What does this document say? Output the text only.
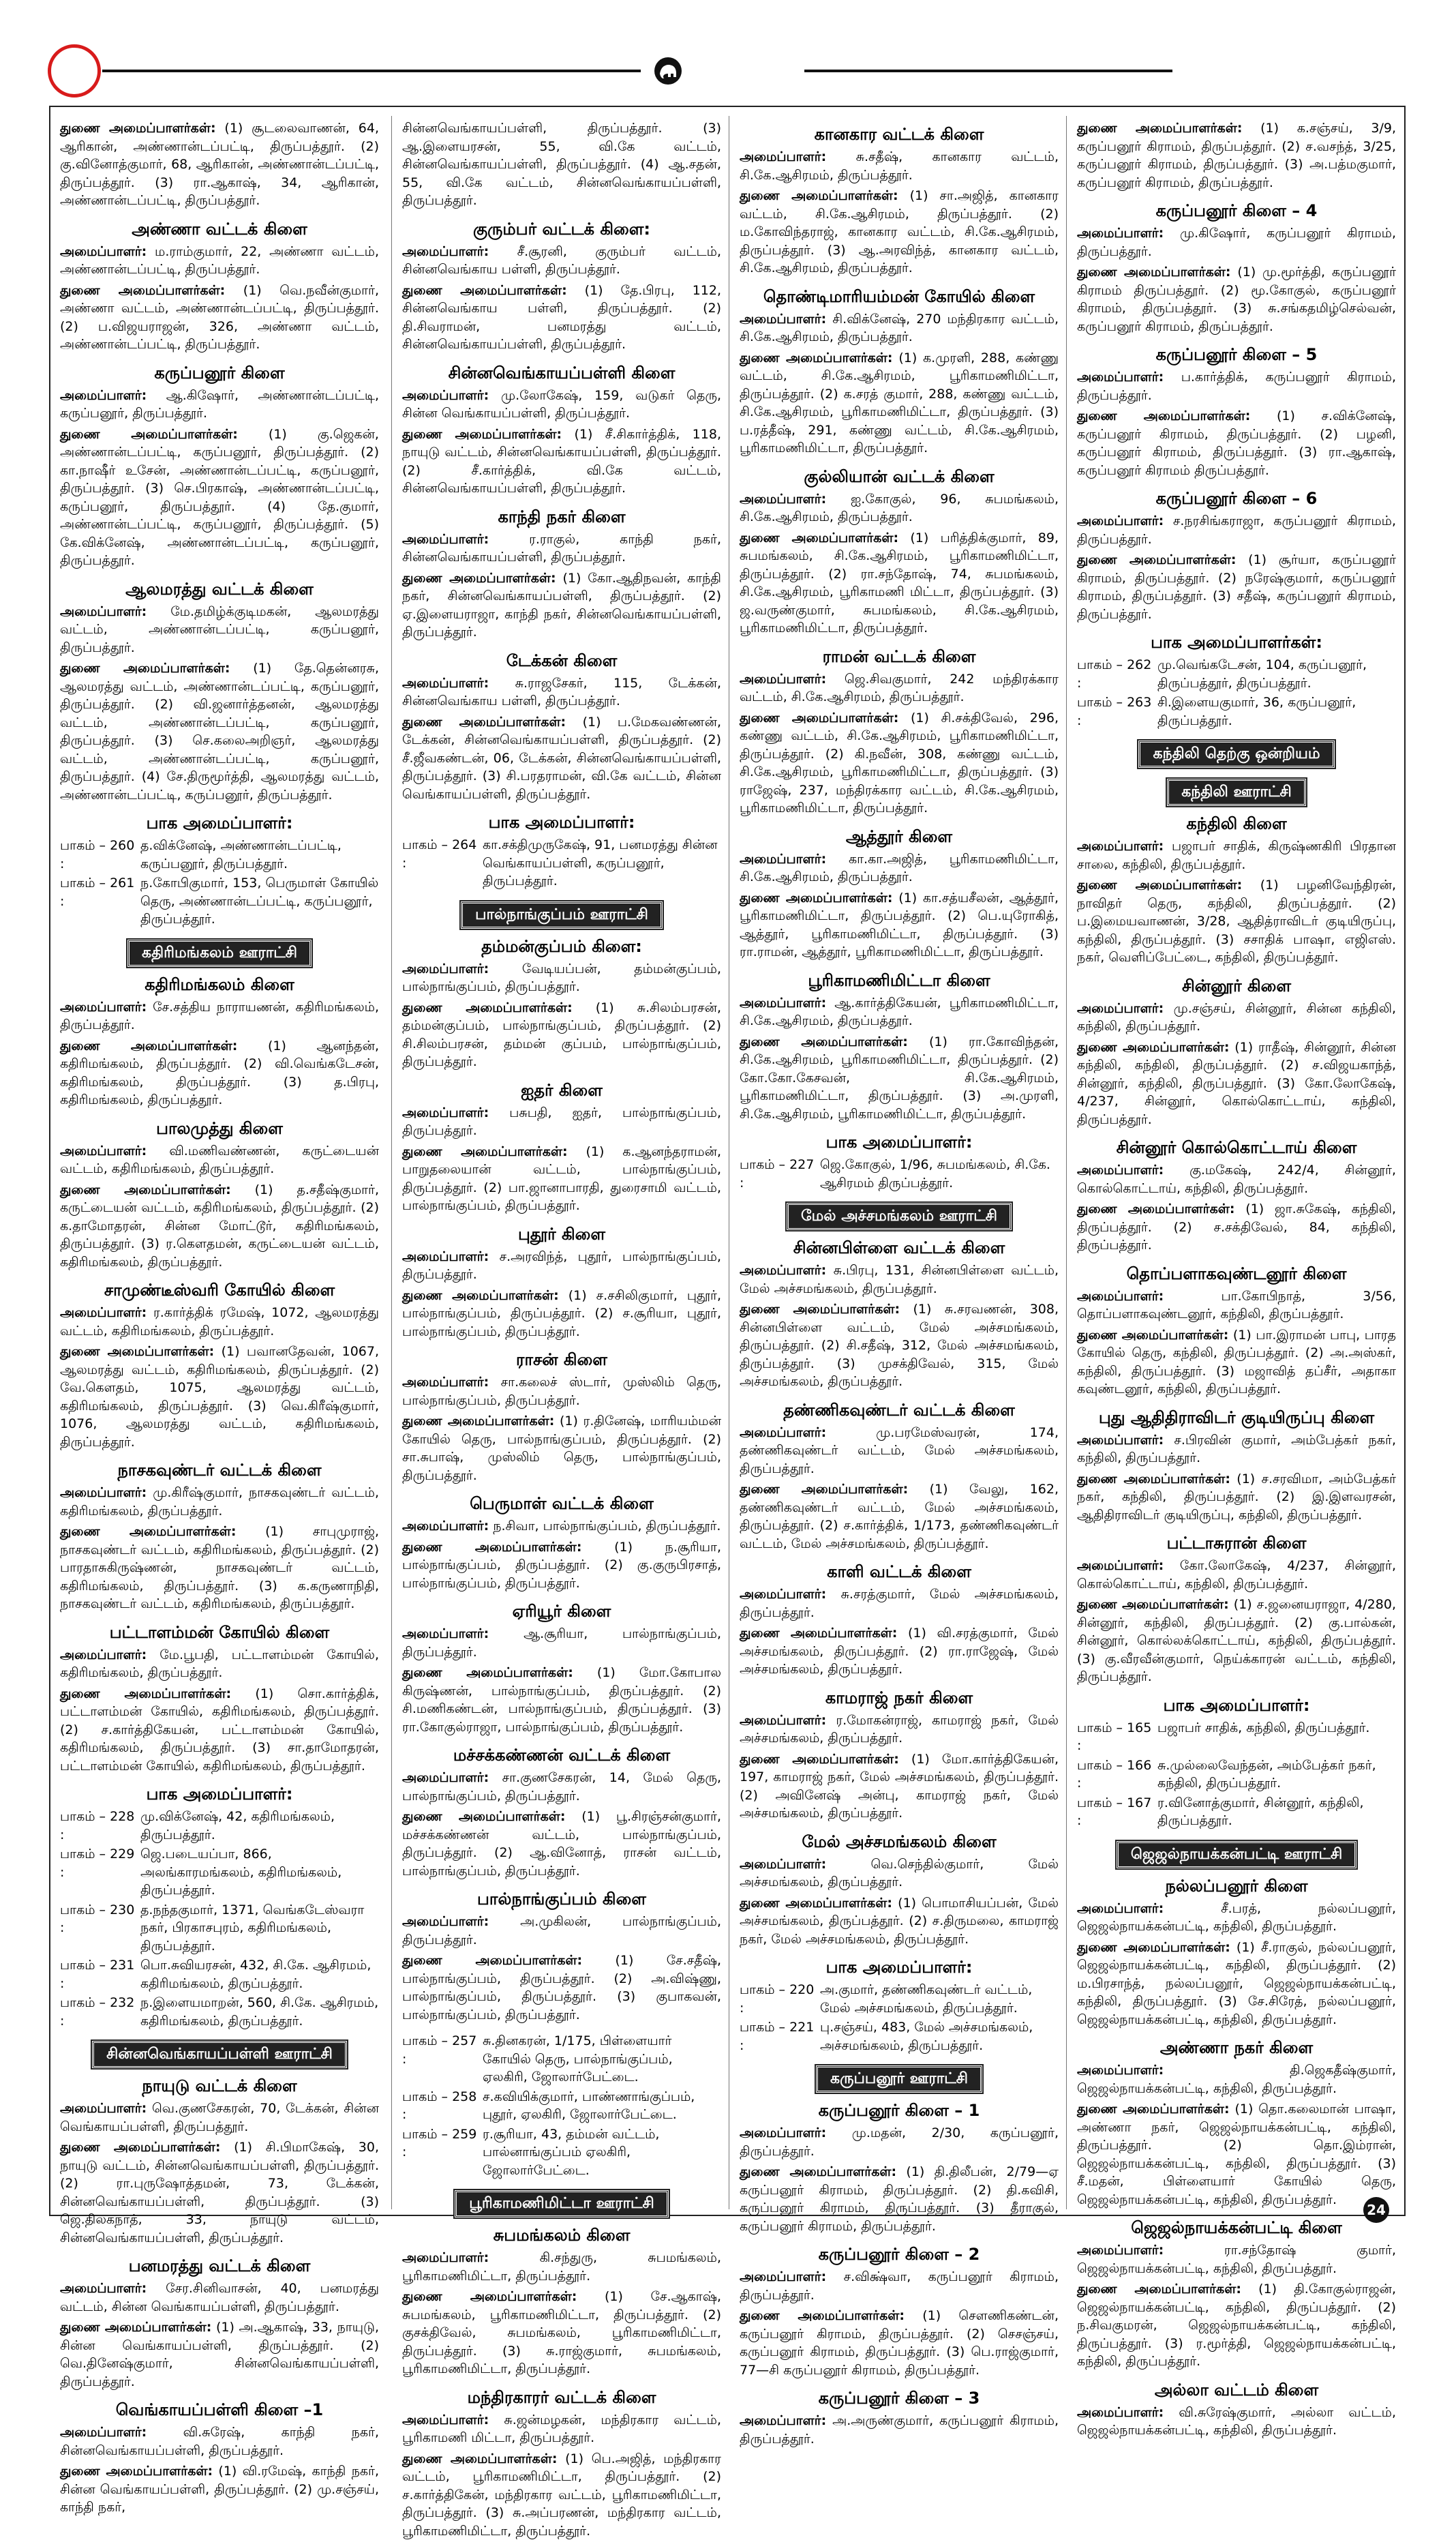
துணை அமைப்பாளர்கள்: (1) சூடலைவாணன், 64, ஆரிகான், அண்ணான்டப்பட்டி, திருப்பத்தூர். (2) கு.வினோத்குமார், 68, ஆரிகான், அண்ணான்டப்பட்டி, திருப்பத்தூர். (3) ரா.ஆகாஷ், 34, ஆரிகான், அண்ணான்டப்பட்டி, திருப்பத்தூர்.

அண்ணா வட்டக் கிளை

அமைப்பாளர்: ம.ராம்குமார், 22, அண்ணா வட்டம், அண்ணான்டப்பட்டி, திருப்பத்தூர்.

துணை அமைப்பாளர்கள்: (1) வெ.நவீன்குமார், அண்ணா வட்டம், அண்ணான்டப்பட்டி, திருப்பத்தூர். (2) ப.விஜயராஜன், 326, அண்ணா வட்டம், அண்ணான்டப்பட்டி, திருப்பத்தூர்.

கருப்பனூர் கிளை

அமைப்பாளர்: ஆ.கிஷோர், அண்ணான்டப்பட்டி, கருப்பனூர், திருப்பத்தூர்.

துணை அமைப்பாளர்கள்: (1) கு.ஜெகன், அண்ணான்டப்பட்டி, கருப்பனூர், திருப்பத்தூர். (2) கா.நாஷீர் உசேன், அண்ணான்டப்பட்டி, கருப்பனூர், திருப்பத்தூர். (3) செ.பிரகாஷ், அண்ணான்டப்பட்டி, கருப்பனூர், திருப்பத்தூர். (4) தே.குமார், அண்ணான்டப்பட்டி, கருப்பனூர், திருப்பத்தூர். (5) கே.விக்னேஷ், அண்ணான்டப்பட்டி, கருப்பனூர், திருப்பத்தூர்.

ஆலமரத்து வட்டக் கிளை

அமைப்பாளர்: மே.தமிழ்க்குடிமகன், ஆலமரத்து வட்டம், அண்ணான்டப்பட்டி, கருப்பனூர், திருப்பத்தூர்.

துணை அமைப்பாளர்கள்: (1) தே.தென்னரசு, ஆலமரத்து வட்டம், அண்ணான்டப்பட்டி, கருப்பனூர், திருப்பத்தூர். (2) வி.ஜனார்த்தனன், ஆலமரத்து வட்டம், அண்ணான்டப்பட்டி, கருப்பனூர், திருப்பத்தூர். (3) செ.கலைஅறிஞர், ஆலமரத்து வட்டம், அண்ணான்டப்பட்டி, கருப்பனூர், திருப்பத்தூர். (4) சே.திருமூர்த்தி, ஆலமரத்து வட்டம், அண்ணான்டப்பட்டி, கருப்பனூர், திருப்பத்தூர்.

பாக அமைப்பாளர்:
பாகம் – 260 :
த.விக்னேஷ், அண்ணான்டப்பட்டி, கருப்பனூர், திருப்பத்தூர்.
பாகம் – 261 :
ந.கோபிகுமார், 153, பெருமாள் கோயில் தெரு, அண்ணான்டப்பட்டி, கருப்பனூர், திருப்பத்தூர்.
கதிரிமங்கலம் ஊராட்சி
கதிரிமங்கலம் கிளை

அமைப்பாளர்: சே.சத்திய நாராயணன், கதிரிமங்கலம், திருப்பத்தூர்.

துணை அமைப்பாளர்கள்: (1) ஆனந்தன், கதிரிமங்கலம், திருப்பத்தூர். (2) வி.வெங்கடேசன், கதிரிமங்கலம், திருப்பத்தூர். (3) த.பிரபு, கதிரிமங்கலம், திருப்பத்தூர்.

பாலமுத்து கிளை

அமைப்பாளர்: வி.மணிவண்ணன், கருட்டையன் வட்டம், கதிரிமங்கலம், திருப்பத்தூர்.

துணை அமைப்பாளர்கள்: (1) த.சதீஷ்குமார், கருட்டையன் வட்டம், கதிரிமங்கலம், திருப்பத்தூர். (2) க.தாமோதரன், சின்ன மோட்டூர், கதிரிமங்கலம், திருப்பத்தூர். (3) ர.கௌதமன், கருட்டையன் வட்டம், கதிரிமங்கலம், திருப்பத்தூர்.

சாமுண்டீஸ்வரி கோயில் கிளை

அமைப்பாளர்: ர.கார்த்திக் ரமேஷ், 1072, ஆலமரத்து வட்டம், கதிரிமங்கலம், திருப்பத்தூர்.

துணை அமைப்பாளர்கள்: (1) பவானதேவன், 1067, ஆலமரத்து வட்டம், கதிரிமங்கலம், திருப்பத்தூர். (2) வே.கௌதம், 1075, ஆலமரத்து வட்டம், கதிரிமங்கலம், திருப்பத்தூர். (3) வெ.கிரீஷ்குமார், 1076, ஆலமரத்து வட்டம், கதிரிமங்கலம், திருப்பத்தூர்.

நாசகவுண்டர் வட்டக் கிளை

அமைப்பாளர்: மு.கிரீஷ்குமார், நாசகவுண்டர் வட்டம், கதிரிமங்கலம், திருப்பத்தூர்.

துணை அமைப்பாளர்கள்: (1) சாபுமுராஜ், நாசகவுண்டர் வட்டம், கதிரிமங்கலம், திருப்பத்தூர். (2) பாரதாசுகிருஷ்ணன், நாசகவுண்டர் வட்டம், கதிரிமங்கலம், திருப்பத்தூர். (3) க.கருணாநிதி, நாசகவுண்டர் வட்டம், கதிரிமங்கலம், திருப்பத்தூர்.

பட்டாளம்மன் கோயில் கிளை

அமைப்பாளர்: மே.பூபதி, பட்டாளம்மன் கோயில், கதிரிமங்கலம், திருப்பத்தூர்.

துணை அமைப்பாளர்கள்: (1) சொ.கார்த்திக், பட்டாளம்மன் கோயில், கதிரிமங்கலம், திருப்பத்தூர். (2) ச.கார்த்திகேயன், பட்டாளம்மன் கோயில், கதிரிமங்கலம், திருப்பத்தூர். (3) சா.தாமோதரன், பட்டாளம்மன் கோயில், கதிரிமங்கலம், திருப்பத்தூர்.

பாக அமைப்பாளர்:
பாகம் – 228 :
மு.விக்னேஷ், 42, கதிரிமங்கலம், திருப்பத்தூர்.
பாகம் – 229 :
ஜெ.படையப்பா, 866, அலங்காரமங்கலம், கதிரிமங்கலம், திருப்பத்தூர்.
பாகம் – 230 :
த.நந்தகுமார், 1371, வெங்கடேஸ்வரா நகர், பிரகாசபுரம், கதிரிமங்கலம், திருப்பத்தூர்.
பாகம் – 231 :
பொ.சுவியரசன், 432, சி.கே. ஆசிரமம், கதிரிமங்கலம், திருப்பத்தூர்.
பாகம் – 232 :
ந.இளையமாறன், 560, சி.கே. ஆசிரமம், கதிரிமங்கலம், திருப்பத்தூர்.
சின்னவெங்காயப்பள்ளி ஊராட்சி
நாயுடு வட்டக் கிளை

அமைப்பாளர்: வெ.குணசேகரன், 70, டேக்கன், சின்ன வெங்காயப்பள்ளி, திருப்பத்தூர்.

துணை அமைப்பாளர்கள்: (1) சி.பிமாகேஷ், 30, நாயுடு வட்டம், சின்னவெங்காயப்பள்ளி, திருப்பத்தூர். (2) ரா.புருஷோத்தமன், 73, டேக்கன், சின்னவெங்காயப்பள்ளி, திருப்பத்தூர். (3) ஜெ.திலகநாத், 33, நாயுடு வட்டம், சின்னவெங்காயப்பள்ளி, திருப்பத்தூர்.

பனமரத்து வட்டக் கிளை

அமைப்பாளர்: சேர.சினிவாசன், 40, பனமரத்து வட்டம், சின்ன வெங்காயப்பள்ளி, திருப்பத்தூர்.

துணை அமைப்பாளர்கள்: (1) அ.ஆகாஷ், 33, நாயுடு, சின்ன வெங்காயப்பள்ளி, திருப்பத்தூர். (2) வெ.தினேஷ்குமார், சின்னவெங்காயப்பள்ளி, திருப்பத்தூர்.

வெங்காயப்பள்ளி கிளை –1

அமைப்பாளர்:	வி.சுரேஷ், காந்தி நகர், சின்னவெங்காயப்பள்ளி, திருப்பத்தூர்.

துணை அமைப்பாளர்கள்: (1) வி.ரமேஷ், காந்தி நகர், சின்ன வெங்காயப்பள்ளி, திருப்பத்தூர். (2) மு.சஞ்சய், காந்தி நகர்,

சின்னவெங்காயப்பள்ளி, திருப்பத்தூர். (3) ஆ.இளையரசன், 55, வி.கே வட்டம், சின்னவெங்காயப்பள்ளி, திருப்பத்தூர். (4) ஆ.சதன், 55, வி.கே வட்டம், சின்னவெங்காயப்பள்ளி, திருப்பத்தூர்.

குரும்பர் வட்டக் கிளை:

அமைப்பாளர்: சீ.சூரனி, குரும்பர் வட்டம், சின்னவெங்காய பள்ளி, திருப்பத்தூர்.

துணை அமைப்பாளர்கள்: (1) தே.பிரபு, 112, சின்னவெங்காய பள்ளி, திருப்பத்தூர். (2) தி.சிவராமன், பனமரத்து வட்டம், சின்னவெங்காயப்பள்ளி, திருப்பத்தூர்.

சின்னவெங்காயப்பள்ளி கிளை

அமைப்பாளர்: மு.லோகேஷ், 159, வடுகர் தெரு, சின்ன வெங்காயப்பள்ளி, திருப்பத்தூர்.

துணை அமைப்பாளர்கள்: (1) சீ.சிகார்த்திக், 118, நாயுடு வட்டம், சின்னவெங்காயப்பள்ளி, திருப்பத்தூர். (2) சீ.கார்த்திக், வி.கே வட்டம், சின்னவெங்காயப்பள்ளி, திருப்பத்தூர்.

காந்தி நகர் கிளை

அமைப்பாளர்:	ர.ராகுல், காந்தி நகர், சின்னவெங்காயப்பள்ளி, திருப்பத்தூர்.

துணை அமைப்பாளர்கள்: (1) கோ.ஆதிநவன், காந்தி நகர், சின்னவெங்காயப்பள்ளி, திருப்பத்தூர். (2) ஏ.இளையராஜா, காந்தி நகர், சின்னவெங்காயப்பள்ளி, திருப்பத்தூர்.

டேக்கன் கிளை

அமைப்பாளர்: சு.ராஜசேகர், 115, டேக்கன், சின்னவெங்காய பள்ளி, திருப்பத்தூர்.

துணை அமைப்பாளர்கள்: (1) ப.மேகவண்ணன், டேக்கன், சின்னவெங்காயப்பள்ளி, திருப்பத்தூர். (2) சீ.ஜீவகண்டன், 06, டேக்கன், சின்னவெங்காயப்பள்ளி, திருப்பத்தூர். (3) சி.பரதராமன், வி.கே வட்டம், சின்ன வெங்காயப்பள்ளி, திருப்பத்தூர்.

பாக அமைப்பாளர்:
பாகம் – 264 :
கா.சக்திமுருகேஷ், 91, பனமரத்து சின்ன வெங்காயப்பள்ளி, கருப்பனூர், திருப்பத்தூர்.
பால்நாங்குப்பம் ஊராட்சி
தம்மன்குப்பம் கிளை:

அமைப்பாளர்:	வேடியப்பன், தம்மன்குப்பம், பால்நாங்குப்பம், திருப்பத்தூர்.

துணை அமைப்பாளர்கள்: (1) சு.சிலம்பரசன், தம்மன்குப்பம், பால்நாங்குப்பம், திருப்பத்தூர். (2) சி.சிலம்பரசன், தம்மன் குப்பம், பால்நாங்குப்பம், திருப்பத்தூர்.

ஐதர் கிளை

அமைப்பாளர்: பசுபதி, ஐதர், பால்நாங்குப்பம், திருப்பத்தூர்.

துணை அமைப்பாளர்கள்: (1) க.ஆனந்தராமன், பாறுதலையான் வட்டம், பால்நாங்குப்பம், திருப்பத்தூர். (2) பா.ஜானாபாரதி, துரைசாமி வட்டம், பால்நாங்குப்பம், திருப்பத்தூர்.

புதூர் கிளை

அமைப்பாளர்: ச.அரவிந்த், புதூர், பால்நாங்குப்பம், திருப்பத்தூர்.

துணை அமைப்பாளர்கள்: (1) ச.சசிலிகுமார், புதூர், பால்நாங்குப்பம், திருப்பத்தூர். (2) ச.சூரியா, புதூர், பால்நாங்குப்பம், திருப்பத்தூர்.

ராசன் கிளை

அமைப்பாளர்: சா.கலைச் ஸ்டார், முஸ்லிம் தெரு, பால்நாங்குப்பம், திருப்பத்தூர்.

துணை அமைப்பாளர்கள்: (1) ர.தினேஷ், மாரியம்மன் கோயில் தெரு, பால்நாங்குப்பம், திருப்பத்தூர். (2) சா.சுபாஷ், முஸ்லிம் தெரு, பால்நாங்குப்பம், திருப்பத்தூர்.

பெருமாள் வட்டக் கிளை

அமைப்பாளர்: ந.சிவா, பால்நாங்குப்பம், திருப்பத்தூர்.

துணை அமைப்பாளர்கள்:	(1) ந.சூரியா, பால்நாங்குப்பம், திருப்பத்தூர். (2) கு.குருபிரசாத், பால்நாங்குப்பம், திருப்பத்தூர்.

ஏரியூர் கிளை

அமைப்பாளர்:	ஆ.சூரியா, பால்நாங்குப்பம், திருப்பத்தூர்.

துணை அமைப்பாளர்கள்: (1) மோ.கோபால கிருஷ்ணன், பால்நாங்குப்பம், திருப்பத்தூர். (2) சி.மணிகண்டன், பால்நாங்குப்பம், திருப்பத்தூர். (3) ரா.கோகுல்ராஜா, பால்நாங்குப்பம், திருப்பத்தூர்.

மச்சக்கண்ணன் வட்டக் கிளை

அமைப்பாளர்: சா.குணசேகரன், 14, மேல் தெரு, பால்நாங்குப்பம், திருப்பத்தூர்.

துணை அமைப்பாளர்கள்: (1) பூ.சிரஞ்சன்குமார், மச்சக்கண்ணன் வட்டம், பால்நாங்குப்பம், திருப்பத்தூர். (2) ஆ.வினோத், ராசன் வட்டம், பால்நாங்குப்பம், திருப்பத்தூர்.

பால்நாங்குப்பம் கிளை

அமைப்பாளர்: அ.முகிலன், பால்நாங்குப்பம், திருப்பத்தூர்.

துணை அமைப்பாளர்கள்:	(1) சே.சதீஷ், பால்நாங்குப்பம், திருப்பத்தூர். (2) அ.விஷ்ணு, பால்நாங்குப்பம், திருப்பத்தூர். (3) குபாகவன், பால்நாங்குப்பம், திருப்பத்தூர்.

பாகம் – 257 :
சு.தினகரன், 1/175, பிள்ளையார் கோயில் தெரு, பால்நாங்குப்பம், ஏலகிரி, ஜோலார்பேட்டை.
பாகம் – 258 :
ச.கவியிக்குமார், பாண்ணாங்குப்பம், புதூர், ஏலகிரி, ஜோலார்பேட்டை.
பாகம் – 259 :
ர.சூரியா, 43, தம்மன் வட்டம், பால்னாங்குப்பம் ஏலகிரி, ஜோலார்பேட்டை.
பூரிகாமணிமிட்டா ஊராட்சி
சுபமங்கலம் கிளை

அமைப்பாளர்:	கி.சந்துரு, சுபமங்கலம், பூரிகாமணிமிட்டா, திருப்பத்தூர்.

துணை அமைப்பாளர்கள்: (1) சே.ஆகாஷ், சுபமங்கலம், பூரிகாமணிமிட்டா, திருப்பத்தூர். (2) குசக்திவேல், சுபமங்கலம், பூரிகாமணிமிட்டா, திருப்பத்தூர். (3) சு.ராஜ்குமார், சுபமங்கலம், பூரிகாமணிமிட்டா, திருப்பத்தூர்.

மந்திரகாரர் வட்டக் கிளை

அமைப்பாளர்: சு.ஜன்மழகன், மந்திரகார வட்டம், பூரிகாமணி மிட்டா, திருப்பத்தூர்.

துணை அமைப்பாளர்கள்: (1) பெ.அஜித், மந்திரகார வட்டம், பூரிகாமணிமிட்டா, திருப்பத்தூர். (2) ச.கார்த்திகேன், மந்திரகார வட்டம், பூரிகாமணிமிட்டா, திருப்பத்தூர். (3) சு.அப்பரணன், மந்திரகார வட்டம், பூரிகாமணிமிட்டா, திருப்பத்தூர்.

கானகார வட்டக் கிளை

அமைப்பாளர்: சு.சதீஷ், கானகார வட்டம், சி.கே.ஆசிரமம், திருப்பத்தூர்.

துணை அமைப்பாளர்கள்: (1) சா.அஜித், கானகார வட்டம், சி.கே.ஆசிரமம், திருப்பத்தூர். (2) ம.கோவிந்தராஜ், கானகார வட்டம், சி.கே.ஆசிரமம், திருப்பத்தூர். (3) ஆ.அரவிந்த், கானகார வட்டம், சி.கே.ஆசிரமம், திருப்பத்தூர்.

தொண்டிமாரியம்மன் கோயில் கிளை

அமைப்பாளர்: சி.விக்னேஷ், 270 மந்திரகார வட்டம், சி.கே.ஆசிரமம், திருப்பத்தூர்.

துணை அமைப்பாளர்கள்: (1) க.முரளி, 288, கண்ணு வட்டம், சி.கே.ஆசிரமம், பூரிகாமணிமிட்டா, திருப்பத்தூர். (2) க.சரத் குமார், 288, கண்ணு வட்டம், சி.கே.ஆசிரமம், பூரிகாமணிமிட்டா, திருப்பத்தூர். (3) ப.ரத்தீஷ், 291, கண்ணு வட்டம், சி.கே.ஆசிரமம், பூரிகாமணிமிட்டா, திருப்பத்தூர்.

குல்லியான் வட்டக் கிளை

அமைப்பாளர்: ஐ.கோகுல், 96, சுபமங்கலம், சி.கே.ஆசிரமம், திருப்பத்தூர்.

துணை அமைப்பாளர்கள்: (1) பரித்திக்குமார், 89, சுபமங்கலம், சி.கே.ஆசிரமம், பூரிகாமணிமிட்டா, திருப்பத்தூர். (2) ரா.சந்தோஷ், 74, சுபமங்கலம், சி.கே.ஆசிரமம், பூரிகாமணி மிட்டா, திருப்பத்தூர். (3) ஜ.வருண்குமார், சுபமங்கலம், சி.கே.ஆசிரமம், பூரிகாமணிமிட்டா, திருப்பத்தூர்.

ராமன் வட்டக் கிளை

அமைப்பாளர்: ஜெ.சிவகுமார், 242 மந்திரக்கார வட்டம், சி.கே.ஆசிரமம், திருப்பத்தூர்.

துணை அமைப்பாளர்கள்: (1) சி.சக்திவேல், 296, கண்ணு வட்டம், சி.கே.ஆசிரமம், பூரிகாமணிமிட்டா, திருப்பத்தூர். (2) கி.நவீன், 308, கண்ணு வட்டம், சி.கே.ஆசிரமம், பூரிகாமணிமிட்டா, திருப்பத்தூர். (3) ராஜேஷ், 237, மந்திரக்கார வட்டம், சி.கே.ஆசிரமம், பூரிகாமணிமிட்டா, திருப்பத்தூர்.

ஆத்தூர் கிளை

அமைப்பாளர்: கா.கா.அஜித், பூரிகாமணிமிட்டா, சி.கே.ஆசிரமம், திருப்பத்தூர்.

துணை அமைப்பாளர்கள்: (1) கா.சத்யசீலன், ஆத்தூர், பூரிகாமணிமிட்டா, திருப்பத்தூர். (2) பெ.யுரோகித், ஆத்தூர், பூரிகாமணிமிட்டா, திருப்பத்தூர். (3) ரா.ராமன், ஆத்தூர், பூரிகாமணிமிட்டா, திருப்பத்தூர்.

பூரிகாமணிமிட்டா கிளை

அமைப்பாளர்: ஆ.கார்த்திகேயன், பூரிகாமணிமிட்டா, சி.கே.ஆசிரமம், திருப்பத்தூர்.

துணை அமைப்பாளர்கள்: (1) ரா.கோவிந்தன், சி.கே.ஆசிரமம், பூரிகாமணிமிட்டா, திருப்பத்தூர். (2) கோ.கோ.கேசவன், சி.கே.ஆசிரமம், பூரிகாமணிமிட்டா, திருப்பத்தூர். (3) அ.முரளி, சி.கே.ஆசிரமம், பூரிகாமணிமிட்டா, திருப்பத்தூர்.

பாக அமைப்பாளர்:
பாகம் – 227 :
ஜெ.கோகுல், 1/96, சுபமங்கலம், சி.கே. ஆசிரமம் திருப்பத்தூர்.
மேல் அச்சமங்கலம் ஊராட்சி
சின்னபிள்ளை வட்டக் கிளை

அமைப்பாளர்: சு.பிரபு, 131, சின்னபிள்ளை வட்டம், மேல் அச்சமங்கலம், திருப்பத்தூர்.

துணை அமைப்பாளர்கள்: (1) சு.சரவணன், 308, சின்னபிள்ளை வட்டம், மேல் அச்சமங்கலம், திருப்பத்தூர். (2) சி.சதீஷ், 312, மேல் அச்சமங்கலம், திருப்பத்தூர். (3) முசக்திவேல், 315, மேல் அச்சமங்கலம், திருப்பத்தூர்.

தண்ணிகவுண்டர் வட்டக் கிளை

அமைப்பாளர்:	மு.பரமேஸ்வரன், 174, தண்ணிகவுண்டர் வட்டம், மேல் அச்சமங்கலம், திருப்பத்தூர்.

துணை அமைப்பாளர்கள்: (1) வேலு, 162, தண்ணிகவுண்டர் வட்டம், மேல் அச்சமங்கலம், திருப்பத்தூர். (2) ச.கார்த்திக், 1/173, தண்ணிகவுண்டர் வட்டம், மேல் அச்சமங்கலம், திருப்பத்தூர்.

காளி வட்டக் கிளை

அமைப்பாளர்: சு.சரத்குமார், மேல் அச்சமங்கலம், திருப்பத்தூர்.

துணை அமைப்பாளர்கள்: (1) வி.சரத்குமார், மேல் அச்சமங்கலம், திருப்பத்தூர். (2) ரா.ராஜேஷ், மேல் அச்சமங்கலம், திருப்பத்தூர்.

காமராஜ் நகர் கிளை

அமைப்பாளர்: ர.மோகன்ராஜ், காமராஜ் நகர், மேல் அச்சமங்கலம், திருப்பத்தூர்.

துணை அமைப்பாளர்கள்: (1) மோ.கார்த்திகேயன், 197, காமராஜ் நகர், மேல் அச்சமங்கலம், திருப்பத்தூர். (2) அவினேஷ் அன்பு, காமராஜ் நகர், மேல் அச்சமங்கலம், திருப்பத்தூர்.

மேல் அச்சமங்கலம் கிளை

அமைப்பாளர்:	வெ.செந்தில்குமார், மேல் அச்சமங்கலம், திருப்பத்தூர்.

துணை அமைப்பாளர்கள்: (1) பொமாசியப்பன், மேல் அச்சமங்கலம், திருப்பத்தூர். (2) ச.திருமலை, காமராஜ் நகர், மேல் அச்சமங்கலம், திருப்பத்தூர்.

பாக அமைப்பாளர்:
பாகம் – 220 :
அ.குமார், தண்ணிகவுண்டர் வட்டம், மேல் அச்சமங்கலம், திருப்பத்தூர்.
பாகம் – 221 :
பு.சஞ்சய், 483, மேல் அச்சமங்கலம், அச்சமங்கலம், திருப்பத்தூர்.
கருப்பனூர் ஊராட்சி
கருப்பனூர் கிளை – 1

அமைப்பாளர்: மு.மதன், 2/30, கருப்பனூர், திருப்பத்தூர்.

துணை அமைப்பாளர்கள்: (1) தி.திலீபன், 2/79—ஏ கருப்பனூர் கிராமம், திருப்பத்தூர். (2) தி.கவிசி, கருப்பனூர் கிராமம், திருப்பத்தூர். (3) தீராகுல், கருப்பனூர் கிராமம், திருப்பத்தூர்.

கருப்பனூர் கிளை – 2

அமைப்பாளர்: ச.விக்ஷ்வா, கருப்பனூர் கிராமம், திருப்பத்தூர்.

துணை அமைப்பாளர்கள்: (1) செளணிகண்டன், கருப்பனூர் கிராமம், திருப்பத்தூர். (2) செசஞ்சய், கருப்பனூர் கிராமம், திருப்பத்தூர். (3) பெ.ராஜ்குமார், 77—சி கருப்பனூர் கிராமம், திருப்பத்தூர்.

கருப்பனூர் கிளை – 3

அமைப்பாளர்: அ.அருண்குமார், கருப்பனூர் கிராமம், திருப்பத்தூர்.

துணை அமைப்பாளர்கள்: (1) க.சஞ்சய், 3/9, கருப்பனூர் கிராமம், திருப்பத்தூர். (2) ச.வசந்த், 3/25, கருப்பனூர் கிராமம், திருப்பத்தூர். (3) அ.பத்மகுமார், கருப்பனூர் கிராமம், திருப்பத்தூர்.

கருப்பனூர் கிளை – 4

அமைப்பாளர்: மு.கிஷோர், கருப்பனூர் கிராமம், திருப்பத்தூர்.

துணை அமைப்பாளர்கள்: (1) மு.மூர்த்தி, கருப்பனூர் கிராமம் திருப்பத்தூர். (2) மூ.கோகுல், கருப்பனூர் கிராமம், திருப்பத்தூர். (3) சு.சங்கதமிழ்செல்வன், கருப்பனூர் கிராமம், திருப்பத்தூர்.

கருப்பனூர் கிளை – 5

அமைப்பாளர்: ப.கார்த்திக், கருப்பனூர் கிராமம், திருப்பத்தூர்.

துணை அமைப்பாளர்கள்: (1) ச.விக்னேஷ், கருப்பனூர் கிராமம், திருப்பத்தூர். (2) பழனி, கருப்பனூர் கிராமம், திருப்பத்தூர். (3) ரா.ஆகாஷ், கருப்பனூர் கிராமம் திருப்பத்தூர்.

கருப்பனூர் கிளை – 6

அமைப்பாளர்: ச.நரசிங்கராஜா, கருப்பனூர் கிராமம், திருப்பத்தூர்.

துணை அமைப்பாளர்கள்: (1) சூர்யா, கருப்பனூர் கிராமம், திருப்பத்தூர். (2) நரேஷ்குமார், கருப்பனூர் கிராமம், திருப்பத்தூர். (3) சதீஷ், கருப்பனூர் கிராமம், திருப்பத்தூர்.

பாக அமைப்பாளர்கள்:
பாகம் – 262 :
மு.வெங்கடேசன், 104, கருப்பனூர், திருப்பத்தூர், திருப்பத்தூர்.
பாகம் – 263 :
சி.இளையகுமார், 36, கருப்பனூர், திருப்பத்தூர்.
கந்திலி தெற்கு ஒன்றியம்
கந்திலி ஊராட்சி
கந்திலி கிளை

அமைப்பாளர்: பஜாபர் சாதிக், கிருஷ்ணகிரி பிரதான சாலை, கந்திலி, திருப்பத்தூர்.

துணை அமைப்பாளர்கள்: (1) பழனிவேந்திரன், நாவிதர் தெரு, கந்திலி, திருப்பத்தூர். (2) ப.இமையவாணன், 3/28, ஆதித்ராவிடர் குடியிருப்பு, கந்திலி, திருப்பத்தூர். (3) சசாதிக் பாஷா, எஜிஎஸ். நகர், வெளிப்பேட்டை, கந்திலி, திருப்பத்தூர்.

சின்னூர் கிளை

அமைப்பாளர்: மு.சஞ்சய், சின்னூர், சின்ன கந்திலி, கந்திலி, திருப்பத்தூர்.

துணை அமைப்பாளர்கள்: (1) ராதீஷ், சின்னூர், சின்ன கந்திலி, கந்திலி, திருப்பத்தூர். (2) ச.விஜயகாந்த், சின்னூர், கந்திலி, திருப்பத்தூர். (3) கோ.லோகேஷ், 4/237, சின்னூர், கொல்கொட்டாய், கந்திலி, திருப்பத்தூர்.

சின்னூர் கொல்கொட்டாய் கிளை

அமைப்பாளர்: கு.மகேஷ், 242/4, சின்னூர், கொல்கொட்டாய், கந்திலி, திருப்பத்தூர்.

துணை அமைப்பாளர்கள்: (1) ஜா.சுகேஷ், கந்திலி, திருப்பத்தூர். (2) ச.சக்திவேல், 84, கந்திலி, திருப்பத்தூர்.

தொப்பளாகவுண்டனூர் கிளை

அமைப்பாளர்:	பா.கோபிநாத், 3/56, தொப்பளாகவுண்டனூர், கந்திலி, திருப்பத்தூர்.

துணை அமைப்பாளர்கள்: (1) பா.இராமன் பாபு, பாரத கோயில் தெரு, கந்திலி, திருப்பத்தூர். (2) அ.அஸ்கர், கந்திலி, திருப்பத்தூர். (3) மஜாவித் தப்சீர், அதாகா கவுண்டனூர், கந்திலி, திருப்பத்தூர்.

புது ஆதிதிராவிடர் குடியிருப்பு கிளை

அமைப்பாளர்: ச.பிரவின் குமார், அம்பேத்கர் நகர், கந்திலி, திருப்பத்தூர்.

துணை அமைப்பாளர்கள்: (1) ச.சரவிமா, அம்பேத்கர் நகர், கந்திலி, திருப்பத்தூர். (2) இ.இளவரசன், ஆதிதிராவிடர் குடியிருப்பு, கந்திலி, திருப்பத்தூர்.

பட்டாசுரான் கிளை

அமைப்பாளர்: கோ.லோகேஷ், 4/237, சின்னூர், கொல்கொட்டாய், கந்திலி, திருப்பத்தூர்.

துணை அமைப்பாளர்கள்: (1) ச.ஜனையராஜா, 4/280, சின்னூர், கந்திலி, திருப்பத்தூர். (2) கு.பால்கன், சின்னூர், கொல்லக்கொட்டாய், கந்திலி, திருப்பத்தூர். (3) கு.வீரவீன்குமார், நெய்க்காரன் வட்டம், கந்திலி, திருப்பத்தூர்.

பாக அமைப்பாளர்:
பாகம் – 165 :
பஜாபர் சாதிக், கந்திலி, திருப்பத்தூர்.
பாகம் – 166 :
சு.முல்லைவேந்தன், அம்பேத்கர் நகர், கந்திலி, திருப்பத்தூர்.
பாகம் – 167 :
ர.வினோத்குமார், சின்னூர், கந்திலி, திருப்பத்தூர்.
ஜெஜல்நாயக்கன்பட்டி ஊராட்சி
நல்லப்பனூர் கிளை

அமைப்பாளர்:	சீ.பரத், நல்லப்பனூர், ஜெஜல்நாயக்கன்பட்டி, கந்திலி, திருப்பத்தூர்.

துணை அமைப்பாளர்கள்: (1) சீ.ராகுல், நல்லப்பனூர், ஜெஜல்நாயக்கன்பட்டி, கந்திலி, திருப்பத்தூர். (2) ம.பிரசாந்த், நல்லப்பனூர், ஜெஜல்நாயக்கன்பட்டி, கந்திலி, திருப்பத்தூர். (3) சே.சிரேத், நல்லப்பனூர், ஜெஜல்நாயக்கன்பட்டி, கந்திலி, திருப்பத்தூர்.

அண்ணா நகர் கிளை

அமைப்பாளர்:	தி.ஜெகதீஷ்குமார், ஜெஜல்நாயக்கன்பட்டி, கந்திலி, திருப்பத்தூர்.

துணை அமைப்பாளர்கள்: (1) தொ.கலைமான் பாஷா, அண்ணா நகர், ஜெஜல்நாயக்கன்பட்டி, கந்திலி, திருப்பத்தூர். (2) தொ.இம்ரான், ஜெஜல்நாயக்கன்பட்டி, கந்திலி, திருப்பத்தூர். (3) சீ.மதன், பிள்ளையார் கோயில் தெரு, ஜெஜல்நாயக்கன்பட்டி, கந்திலி, திருப்பத்தூர்.

ஜெஜல்நாயக்கன்பட்டி கிளை

அமைப்பாளர்:	ரா.சந்தோஷ் குமார், ஜெஜல்நாயக்கன்பட்டி, கந்திலி, திருப்பத்தூர்.

துணை அமைப்பாளர்கள்: (1) தி.கோகுல்ராஜன், ஜெஜல்நாயக்கன்பட்டி, கந்திலி, திருப்பத்தூர். (2) ந.சிவகுமரன், ஜெஜல்நாயக்கன்பட்டி, கந்திலி, திருப்பத்தூர். (3) ர.மூர்த்தி, ஜெஜல்நாயக்கன்பட்டி, கந்திலி, திருப்பத்தூர்.

அல்லா வட்டம் கிளை

அமைப்பாளர்: வி.சுரேஷ்குமார், அல்லா வட்டம், ஜெஜல்நாயக்கன்பட்டி, கந்திலி, திருப்பத்தூர்.

24
